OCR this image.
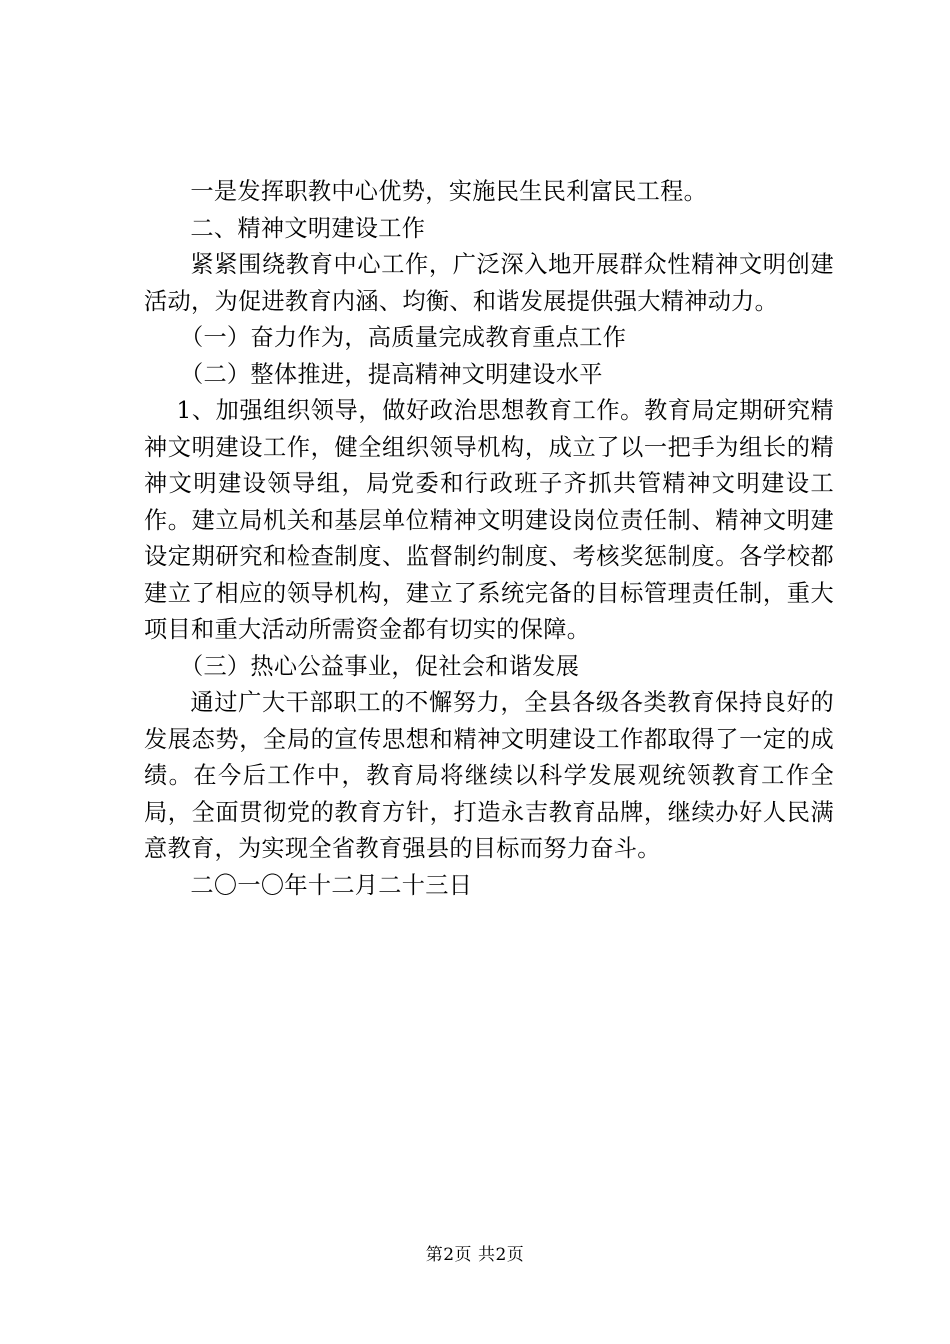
一是发挥职教中心优势，实施民生民利富民工程。

二、精神文明建设工作

紧紧围绕教育中心工作，广泛深入地开展群众性精神文明创建活动，为促进教育内涵、均衡、和谐发展提供强大精神动力。

（一）奋力作为，高质量完成教育重点工作

（二）整体推进，提高精神文明建设水平

1、加强组织领导，做好政治思想教育工作。教育局定期研究精神文明建设工作，健全组织领导机构，成立了以一把手为组长的精神文明建设领导组，局党委和行政班子齐抓共管精神文明建设工作。建立局机关和基层单位精神文明建设岗位责任制、精神文明建设定期研究和检查制度、监督制约制度、考核奖惩制度。各学校都建立了相应的领导机构，建立了系统完备的目标管理责任制，重大项目和重大活动所需资金都有切实的保障。

（三）热心公益事业，促社会和谐发展

通过广大干部职工的不懈努力，全县各级各类教育保持良好的发展态势，全局的宣传思想和精神文明建设工作都取得了一定的成绩。在今后工作中，教育局将继续以科学发展观统领教育工作全局，全面贯彻党的教育方针，打造永吉教育品牌，继续办好人民满意教育，为实现全省教育强县的目标而努力奋斗。

二〇一〇年十二月二十三日

第2页 共2页
